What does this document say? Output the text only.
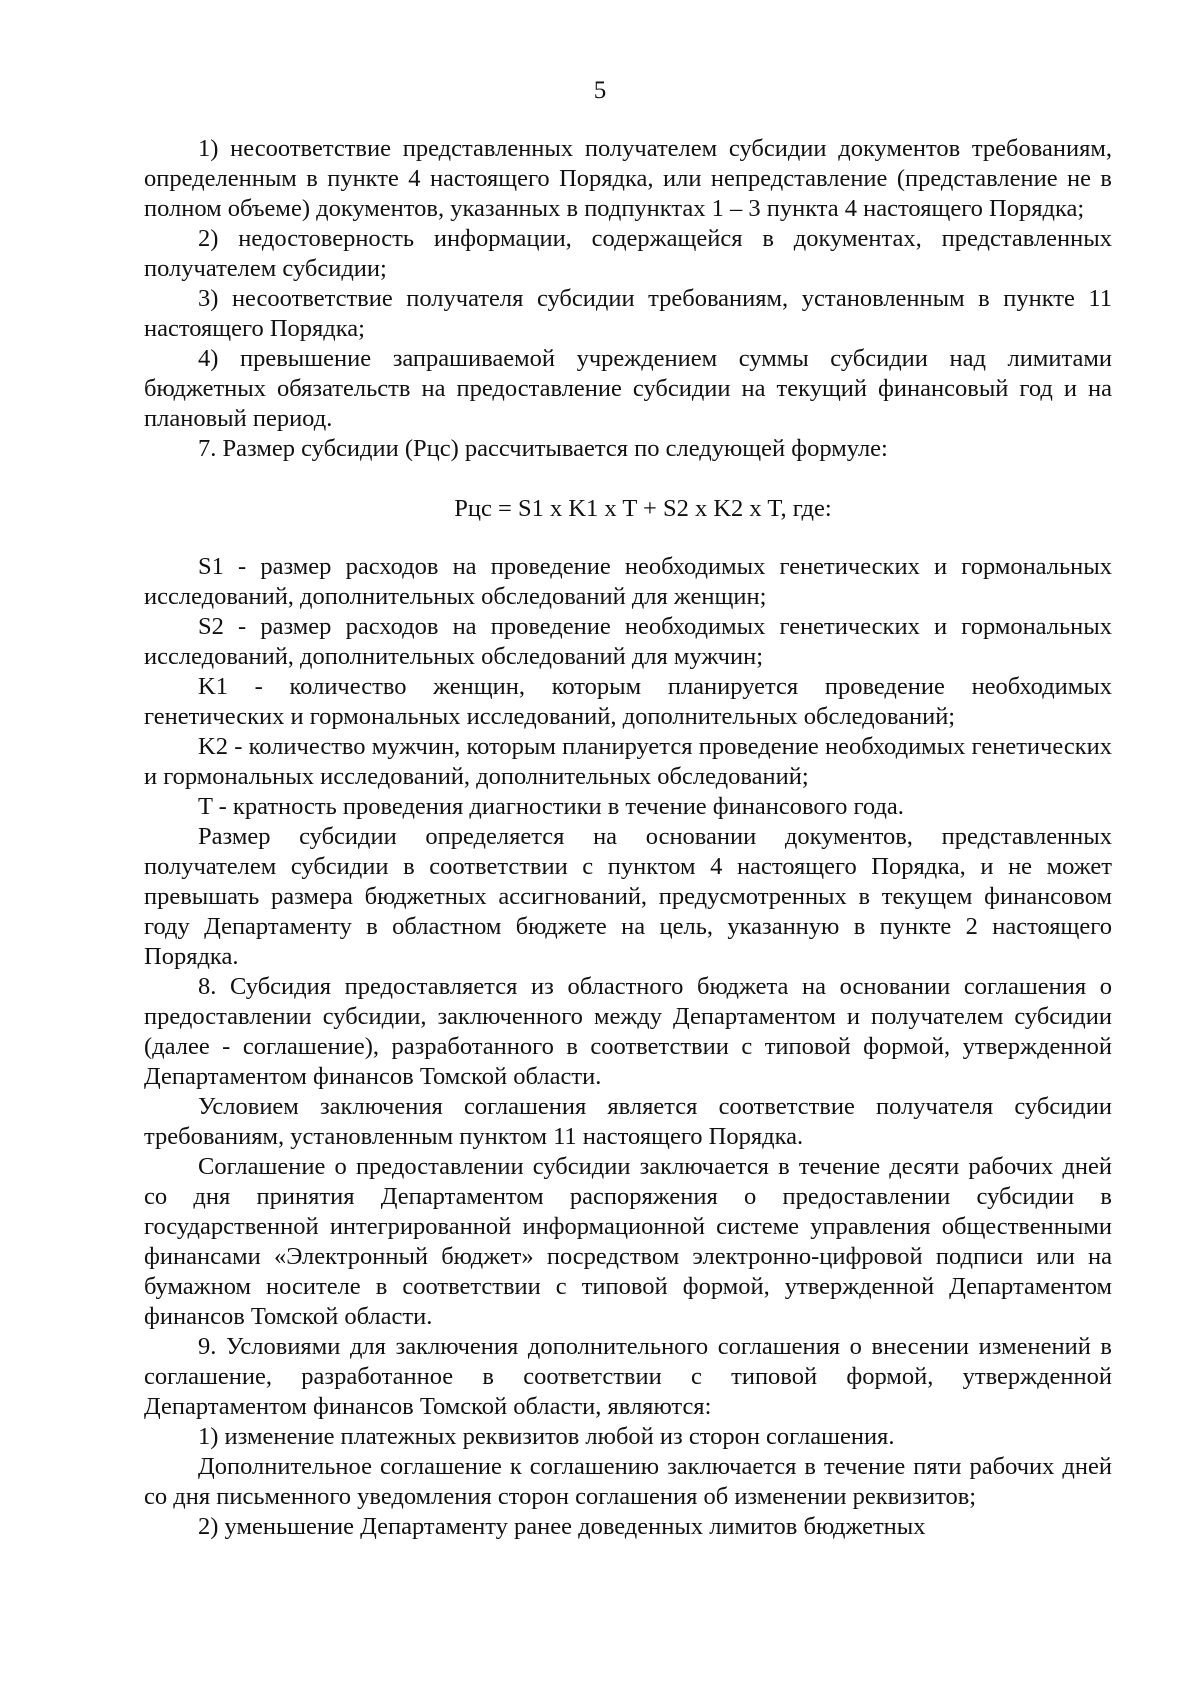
5

1) несоответствие представленных получателем субсидии документов требованиям, определенным в пункте 4 настоящего Порядка, или непредставление (представление не в полном объеме) документов, указанных в подпунктах 1 – 3 пункта 4 настоящего Порядка;

2) недостоверность информации, содержащейся в документах, представленных получателем субсидии;

3) несоответствие получателя субсидии требованиям, установленным в пункте 11 настоящего Порядка;

4) превышение запрашиваемой учреждением суммы субсидии над лимитами бюджетных обязательств на предоставление субсидии на текущий финансовый год и на плановый период.

7. Размер субсидии (Рцс) рассчитывается по следующей формуле:

Рцс = S1 x K1 x T + S2 x K2 x T, где:

S1 - размер расходов на проведение необходимых генетических и гормональных исследований, дополнительных обследований для женщин;

S2 - размер расходов на проведение необходимых генетических и гормональных исследований, дополнительных обследований для мужчин;

K1 - количество женщин, которым планируется проведение необходимых генетических и гормональных исследований, дополнительных обследований;

K2 - количество мужчин, которым планируется проведение необходимых генетических и гормональных исследований, дополнительных обследований;

T - кратность проведения диагностики в течение финансового года.

Размер субсидии определяется на основании документов, представленных получателем субсидии в соответствии с пунктом 4 настоящего Порядка, и не может превышать размера бюджетных ассигнований, предусмотренных в текущем финансовом году Департаменту в областном бюджете на цель, указанную в пункте 2 настоящего Порядка.

8. Субсидия предоставляется из областного бюджета на основании соглашения о предоставлении субсидии, заключенного между Департаментом и получателем субсидии (далее - соглашение), разработанного в соответствии с типовой формой, утвержденной Департаментом финансов Томской области.

Условием заключения соглашения является соответствие получателя субсидии требованиям, установленным пунктом 11 настоящего Порядка.

Соглашение о предоставлении субсидии заключается в течение десяти рабочих дней со дня принятия Департаментом распоряжения о предоставлении субсидии в государственной интегрированной информационной системе управления общественными финансами «Электронный бюджет» посредством электронно-цифровой подписи или на бумажном носителе в соответствии с типовой формой, утвержденной Департаментом финансов Томской области.

9. Условиями для заключения дополнительного соглашения о внесении изменений в соглашение, разработанное в соответствии с типовой формой, утвержденной Департаментом финансов Томской области, являются:

1) изменение платежных реквизитов любой из сторон соглашения.

Дополнительное соглашение к соглашению заключается в течение пяти рабочих дней со дня письменного уведомления сторон соглашения об изменении реквизитов;

2) уменьшение Департаменту ранее доведенных лимитов бюджетных
